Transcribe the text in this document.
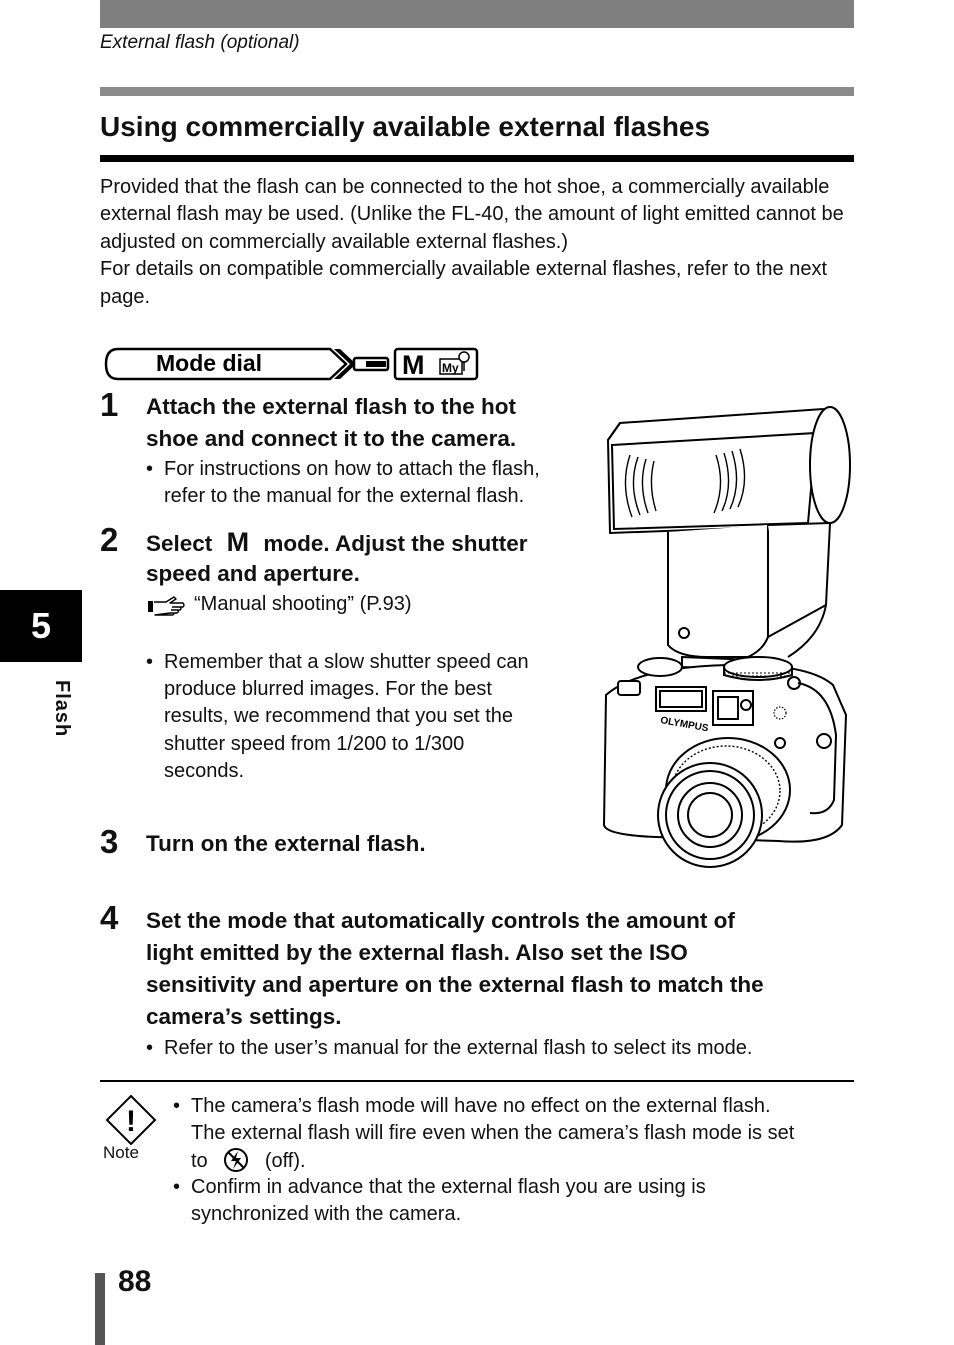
External flash (optional)
Using commercially available external flashes

Provided that the flash can be connected to the hot shoe, a commercially available external flash may be used. (Unlike the FL-40, the amount of light emitted cannot be adjusted on commercially available external flashes.)

For details on compatible commercially available external flashes, refer to the next page.

Mode dial	M My
1 Attach the external flash to the hot
shoe and connect it to the camera.
• For instructions on how to attach the flash,
refer to the manual for the external flash.
2 Select M mode. Adjust the shutter
speed and aperture.
“Manual shooting” (P.93)
• Remember that a slow shutter speed can
produce blurred images. For the best
results, we recommend that you set the
shutter speed from 1/200 to 1/300
seconds.
3 Turn on the external flash.
4 Set the mode that automatically controls the amount of
light emitted by the external flash. Also set the ISO
sensitivity and aperture on the external flash to match the
camera’s settings.
• Refer to the user’s manual for the external flash to select its mode.
OLYMPUS
!
Note
• The camera’s flash mode will have no effect on the external flash.
The external flash will fire even when the camera’s flash mode is set
to	(off).
• Confirm in advance that the external flash you are using is
synchronized with the camera.
5
Flash
88
